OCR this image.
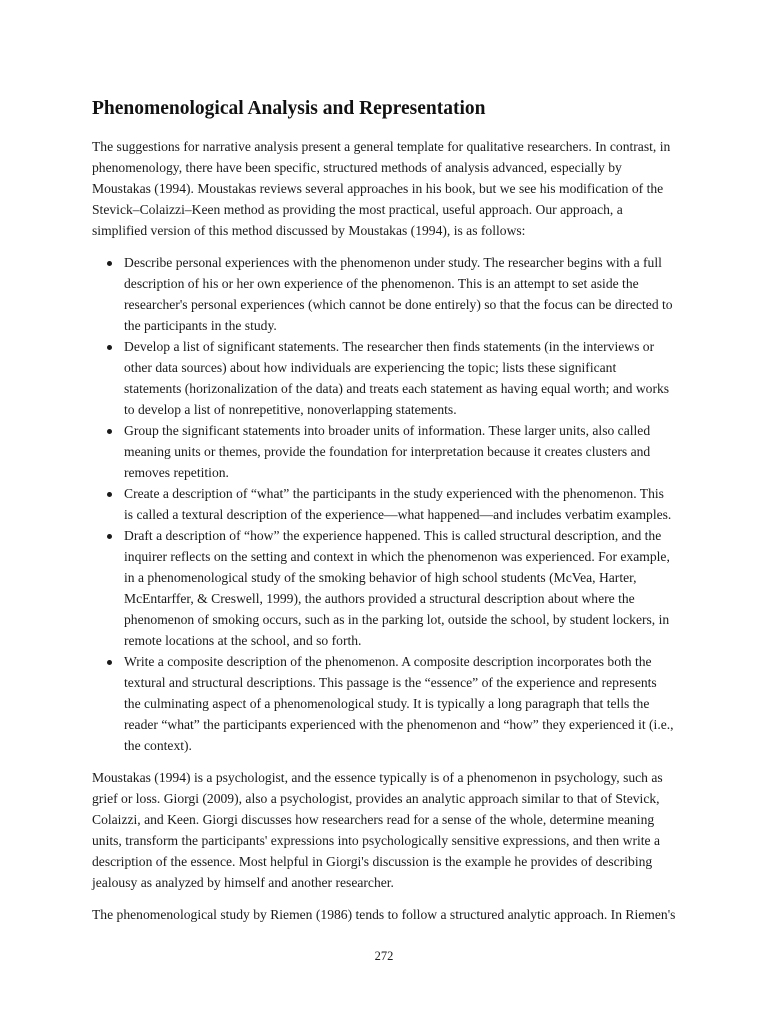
Phenomenological Analysis and Representation

The suggestions for narrative analysis present a general template for qualitative researchers. In contrast, in phenomenology, there have been specific, structured methods of analysis advanced, especially by Moustakas (1994). Moustakas reviews several approaches in his book, but we see his modification of the Stevick–Colaizzi–Keen method as providing the most practical, useful approach. Our approach, a simplified version of this method discussed by Moustakas (1994), is as follows:

Describe personal experiences with the phenomenon under study. The researcher begins with a full description of his or her own experience of the phenomenon. This is an attempt to set aside the researcher's personal experiences (which cannot be done entirely) so that the focus can be directed to the participants in the study.
Develop a list of significant statements. The researcher then finds statements (in the interviews or other data sources) about how individuals are experiencing the topic; lists these significant statements (horizonalization of the data) and treats each statement as having equal worth; and works to develop a list of nonrepetitive, nonoverlapping statements.
Group the significant statements into broader units of information. These larger units, also called meaning units or themes, provide the foundation for interpretation because it creates clusters and removes repetition.
Create a description of “what” the participants in the study experienced with the phenomenon. This is called a textural description of the experience—what happened—and includes verbatim examples.
Draft a description of “how” the experience happened. This is called structural description, and the inquirer reflects on the setting and context in which the phenomenon was experienced. For example, in a phenomenological study of the smoking behavior of high school students (McVea, Harter, McEntarffer, & Creswell, 1999), the authors provided a structural description about where the phenomenon of smoking occurs, such as in the parking lot, outside the school, by student lockers, in remote locations at the school, and so forth.
Write a composite description of the phenomenon. A composite description incorporates both the textural and structural descriptions. This passage is the “essence” of the experience and represents the culminating aspect of a phenomenological study. It is typically a long paragraph that tells the reader “what” the participants experienced with the phenomenon and “how” they experienced it (i.e., the context).

Moustakas (1994) is a psychologist, and the essence typically is of a phenomenon in psychology, such as grief or loss. Giorgi (2009), also a psychologist, provides an analytic approach similar to that of Stevick, Colaizzi, and Keen. Giorgi discusses how researchers read for a sense of the whole, determine meaning units, transform the participants' expressions into psychologically sensitive expressions, and then write a description of the essence. Most helpful in Giorgi's discussion is the example he provides of describing jealousy as analyzed by himself and another researcher.

The phenomenological study by Riemen (1986) tends to follow a structured analytic approach. In Riemen's

272
